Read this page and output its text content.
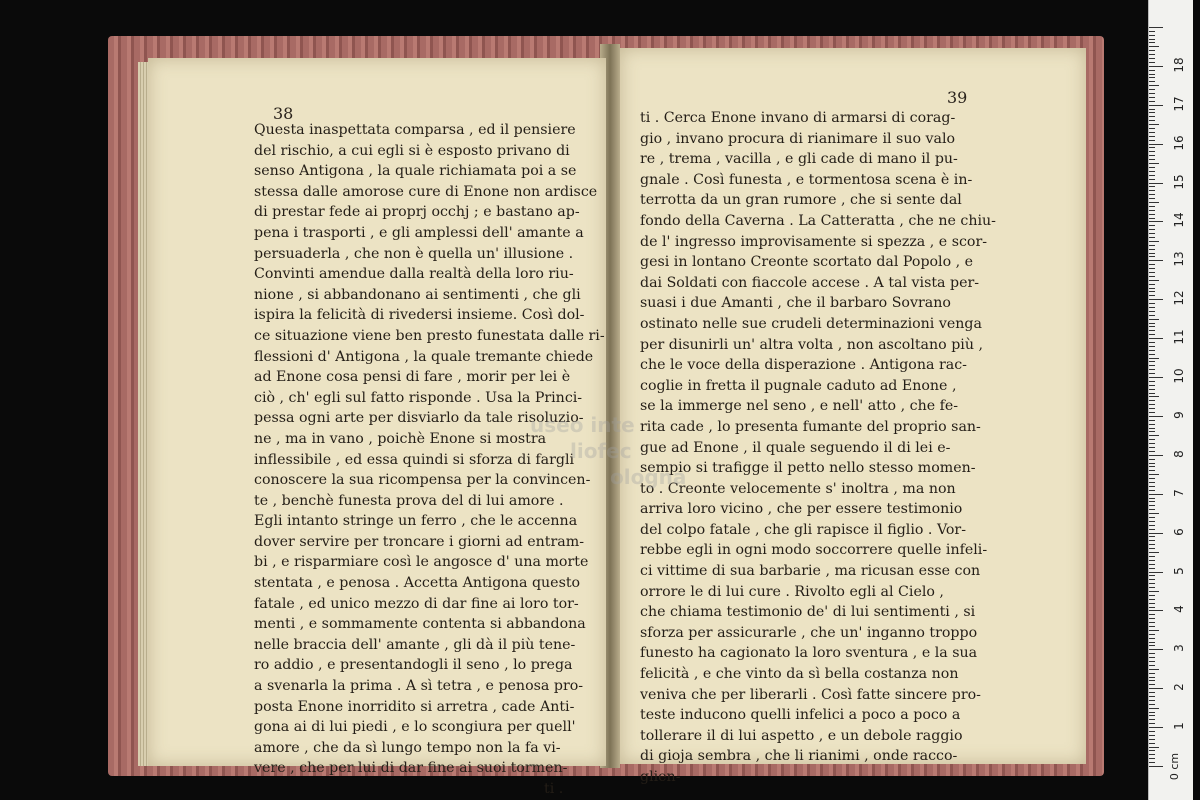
38
39
Questa inaspettata comparsa , ed il pensiere
del rischio, a cui egli si è esposto privano di
senso Antigona , la quale richiamata poi a se
stessa dalle amorose cure di Enone non ardisce
di prestar fede ai proprj occhj ; e bastano ap-
pena i trasporti , e gli amplessi dell' amante a
persuaderla , che non è quella un' illusione .
Convinti amendue dalla realtà della loro riu-
nione , si abbandonano ai sentimenti , che gli
ispira la felicità di rivedersi insieme. Così dol-
ce situazione viene ben presto funestata dalle ri-
flessioni d' Antigona , la quale tremante chiede
ad Enone cosa pensi di fare , morir per lei è
ciò , ch' egli sul fatto risponde . Usa la Princi-
pessa ogni arte per disviarlo da tale risoluzio-
ne , ma in vano , poichè Enone si mostra
inflessibile , ed essa quindi si sforza di fargli
conoscere la sua ricompensa per la convincen-
te , benchè funesta prova del di lui amore .
Egli intanto stringe un ferro , che le accenna
dover servire per troncare i giorni ad entram-
bi , e risparmiare così le angosce d' una morte
stentata , e penosa . Accetta Antigona questo
fatale , ed unico mezzo di dar fine ai loro tor-
menti , e sommamente contenta si abbandona
nelle braccia dell' amante , gli dà il più tene-
ro addio , e presentandogli il seno , lo prega
a svenarla la prima . A sì tetra , e penosa pro-
posta Enone inorridito si arretra , cade Anti-
gona ai di lui piedi , e lo scongiura per quell'
amore , che da sì lungo tempo non la fa vi-
vere , che per lui di dar fine ai suoi tormen-
ti .
ti . Cerca Enone invano di armarsi di corag-
gio , invano procura di rianimare il suo valo
re , trema , vacilla , e gli cade di mano il pu-
gnale . Così funesta , e tormentosa scena è in-
terrotta da un gran rumore , che si sente dal
fondo della Caverna . La Catteratta , che ne chiu-
de l' ingresso improvisamente si spezza , e scor-
gesi in lontano Creonte scortato dal Popolo , e
dai Soldati con fiaccole accese . A tal vista per-
suasi i due Amanti , che il barbaro Sovrano
ostinato nelle sue crudeli determinazioni venga
per disunirli un' altra volta , non ascoltano più ,
che le voce della disperazione . Antigona rac-
coglie in fretta il pugnale caduto ad Enone ,
se la immerge nel seno , e nell' atto , che fe-
rita cade , lo presenta fumante del proprio san-
gue ad Enone , il quale seguendo il di lei e-
sempio si trafigge il petto nello stesso momen-
to . Creonte velocemente s' inoltra , ma non
arriva loro vicino , che per essere testimonio
del colpo fatale , che gli rapisce il figlio . Vor-
rebbe egli in ogni modo soccorrere quelle infeli-
ci vittime di sua barbarie , ma ricusan esse con
orrore le di lui cure . Rivolto egli al Cielo ,
che chiama testimonio de' di lui sentimenti , si
sforza per assicurarle , che un' inganno troppo
funesto ha cagionato la loro sventura , e la sua
felicità , e che vinto da sì bella costanza non
veniva che per liberarli . Così fatte sincere pro-
teste inducono quelli infelici a poco a poco a
tollerare il di lui aspetto , e un debole raggio
di gioja sembra , che li rianimi , onde racco-
glien-
useo inte
liofec
ologna
0 cm
1
2
3
4
5
6
7
8
9
10
11
12
13
14
15
16
17
18
